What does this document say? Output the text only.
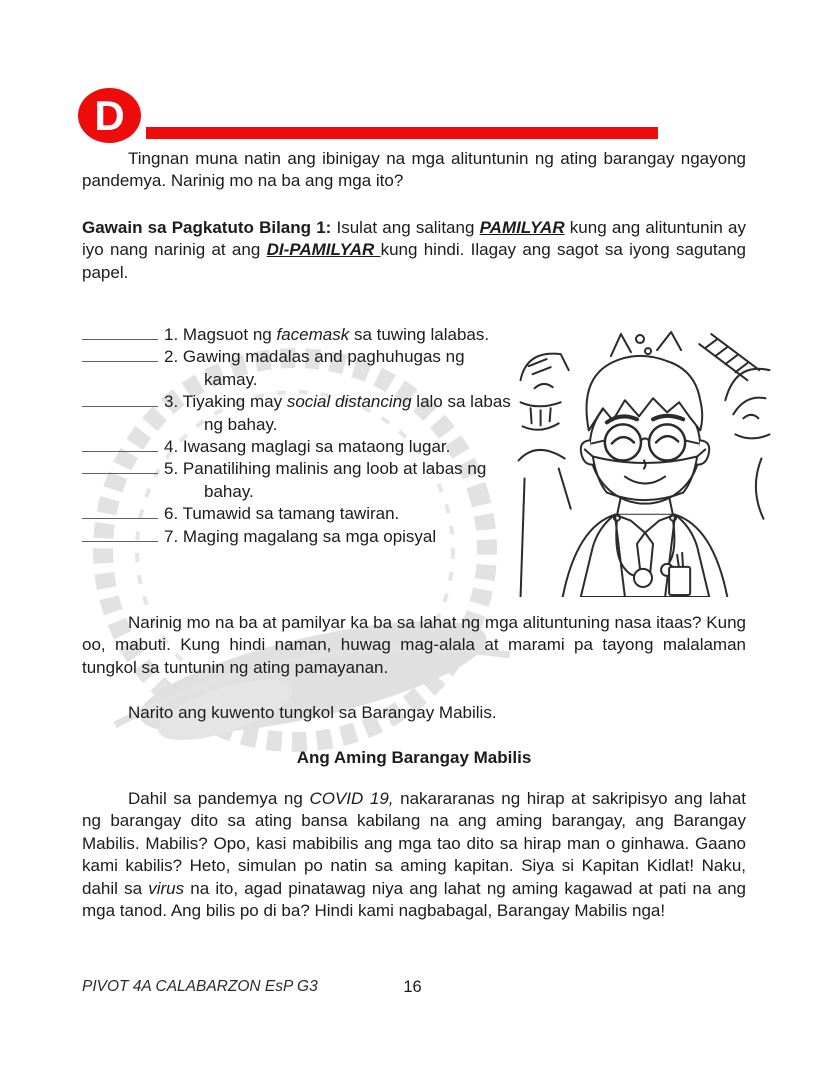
D

Tingnan muna natin ang ibinigay na mga alituntunin ng ating barangay ngayong pandemya. Narinig mo na ba ang mga ito?

Gawain sa Pagkatuto Bilang 1: Isulat ang salitang PAMILYAR kung ang alituntunin ay iyo nang narinig at ang DI-PAMILYAR kung hindi. Ilagay ang sagot sa iyong sagutang papel.

1. Magsuot ng facemask sa tuwing lalabas.
2. Gawing madalas and paghuhugas ng kamay.
3. Tiyaking may social distancing lalo sa labas ng bahay.
4. Iwasang maglagi sa mataong lugar.
5. Panatilihing malinis ang loob at labas ng bahay.
6. Tumawid sa tamang tawiran.
7. Maging magalang sa mga opisyal

Narinig mo na ba at pamilyar ka ba sa lahat ng mga alituntuning nasa itaas? Kung oo, mabuti. Kung hindi naman, huwag mag-alala at marami pa tayong malalaman tungkol sa tuntunin ng ating pamayanan.

Narito ang kuwento tungkol sa Barangay Mabilis.

Ang Aming Barangay Mabilis

Dahil sa pandemya ng COVID 19, nakararanas ng hirap at sakripisyo ang lahat ng barangay dito sa ating bansa kabilang na ang aming barangay, ang Barangay Mabilis. Mabilis? Opo, kasi mabibilis ang mga tao dito sa hirap man o ginhawa. Gaano kami kabilis? Heto, simulan po natin sa aming kapitan. Siya si Kapitan Kidlat! Naku, dahil sa virus na ito, agad pinatawag niya ang lahat ng aming kagawad at pati na ang mga tanod. Ang bilis po di ba? Hindi kami nagbabagal, Barangay Mabilis nga!

PIVOT 4A CALABARZON EsP G3	16
